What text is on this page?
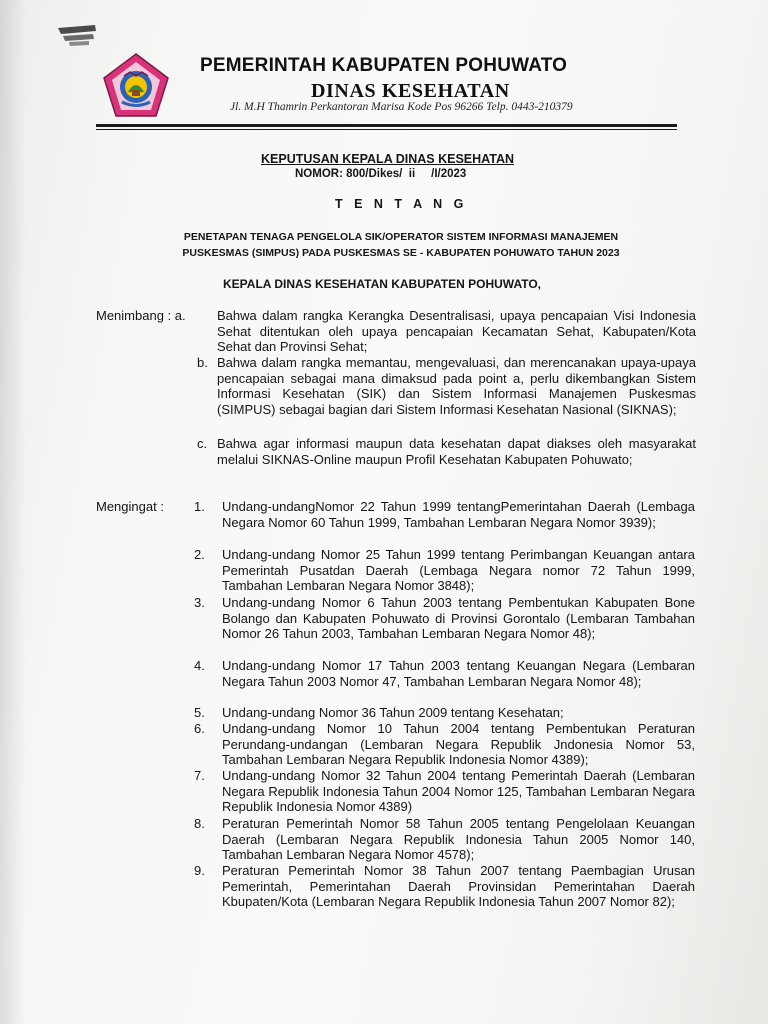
PEMERINTAH KABUPATEN POHUWATO
DINAS KESEHATAN
Jl. M.H Thamrin Perkantoran Marisa Kode Pos 96266 Telp. 0443-210379
KEPUTUSAN KEPALA DINAS KESEHATAN
NOMOR: 800/Dikes/  ii     /I/2023
T E N T A N G
PENETAPAN TENAGA PENGELOLA SIK/OPERATOR SISTEM INFORMASI MANAJEMEN PUSKESMAS (SIMPUS) PADA PUSKESMAS SE - KABUPATEN POHUWATO TAHUN 2023
KEPALA DINAS KESEHATAN KABUPATEN POHUWATO,
Menimbang : a. Bahwa dalam rangka Kerangka Desentralisasi, upaya pencapaian Visi Indonesia Sehat ditentukan oleh upaya pencapaian Kecamatan Sehat, Kabupaten/Kota Sehat dan Provinsi Sehat;
b. Bahwa dalam rangka memantau, mengevaluasi, dan merencanakan upaya-upaya pencapaian sebagai mana dimaksud pada point a, perlu dikembangkan Sistem Informasi Kesehatan (SIK) dan Sistem Informasi Manajemen Puskesmas (SIMPUS) sebagai bagian dari Sistem Informasi Kesehatan Nasional (SIKNAS);
c. Bahwa agar informasi maupun data kesehatan dapat diakses oleh masyarakat melalui SIKNAS-Online maupun Profil Kesehatan Kabupaten Pohuwato;
Mengingat : 1. Undang-undangNomor 22 Tahun 1999 tentangPemerintahan Daerah (Lembaga Negara Nomor 60 Tahun 1999, Tambahan Lembaran Negara Nomor 3939);
2. Undang-undang Nomor 25 Tahun 1999 tentang Perimbangan Keuangan antara Pemerintah Pusatdan Daerah (Lembaga Negara nomor 72 Tahun 1999, Tambahan Lembaran Negara Nomor 3848);
3. Undang-undang Nomor 6 Tahun 2003 tentang Pembentukan Kabupaten Bone Bolango dan Kabupaten Pohuwato di Provinsi Gorontalo (Lembaran Tambahan Nomor 26 Tahun 2003, Tambahan Lembaran Negara Nomor 48);
4. Undang-undang Nomor 17 Tahun 2003 tentang Keuangan Negara (Lembaran Negara Tahun 2003 Nomor 47, Tambahan Lembaran Negara Nomor 48);
5. Undang-undang Nomor 36 Tahun 2009 tentang Kesehatan;
6. Undang-undang Nomor 10 Tahun 2004 tentang Pembentukan Peraturan Perundang-undangan (Lembaran Negara Republik Jndonesia Nomor 53, Tambahan Lembaran Negara Republik Indonesia Nomor 4389);
7. Undang-undang Nomor 32 Tahun 2004 tentang Pemerintah Daerah (Lembaran Negara Republik Indonesia Tahun 2004 Nomor 125, Tambahan Lembaran Negara Republik Indonesia Nomor 4389)
8. Peraturan Pemerintah Nomor 58 Tahun 2005 tentang Pengelolaan Keuangan Daerah (Lembaran Negara Republik Indonesia Tahun 2005 Nomor 140, Tambahan Lembaran Negara Nomor 4578);
9. Peraturan Pemerintah Nomor 38 Tahun 2007 tentang Paembagian Urusan Pemerintah, Pemerintahan Daerah Provinsidan Pemerintahan Daerah Kbupaten/Kota (Lembaran Negara Republik Indonesia Tahun 2007 Nomor 82);
